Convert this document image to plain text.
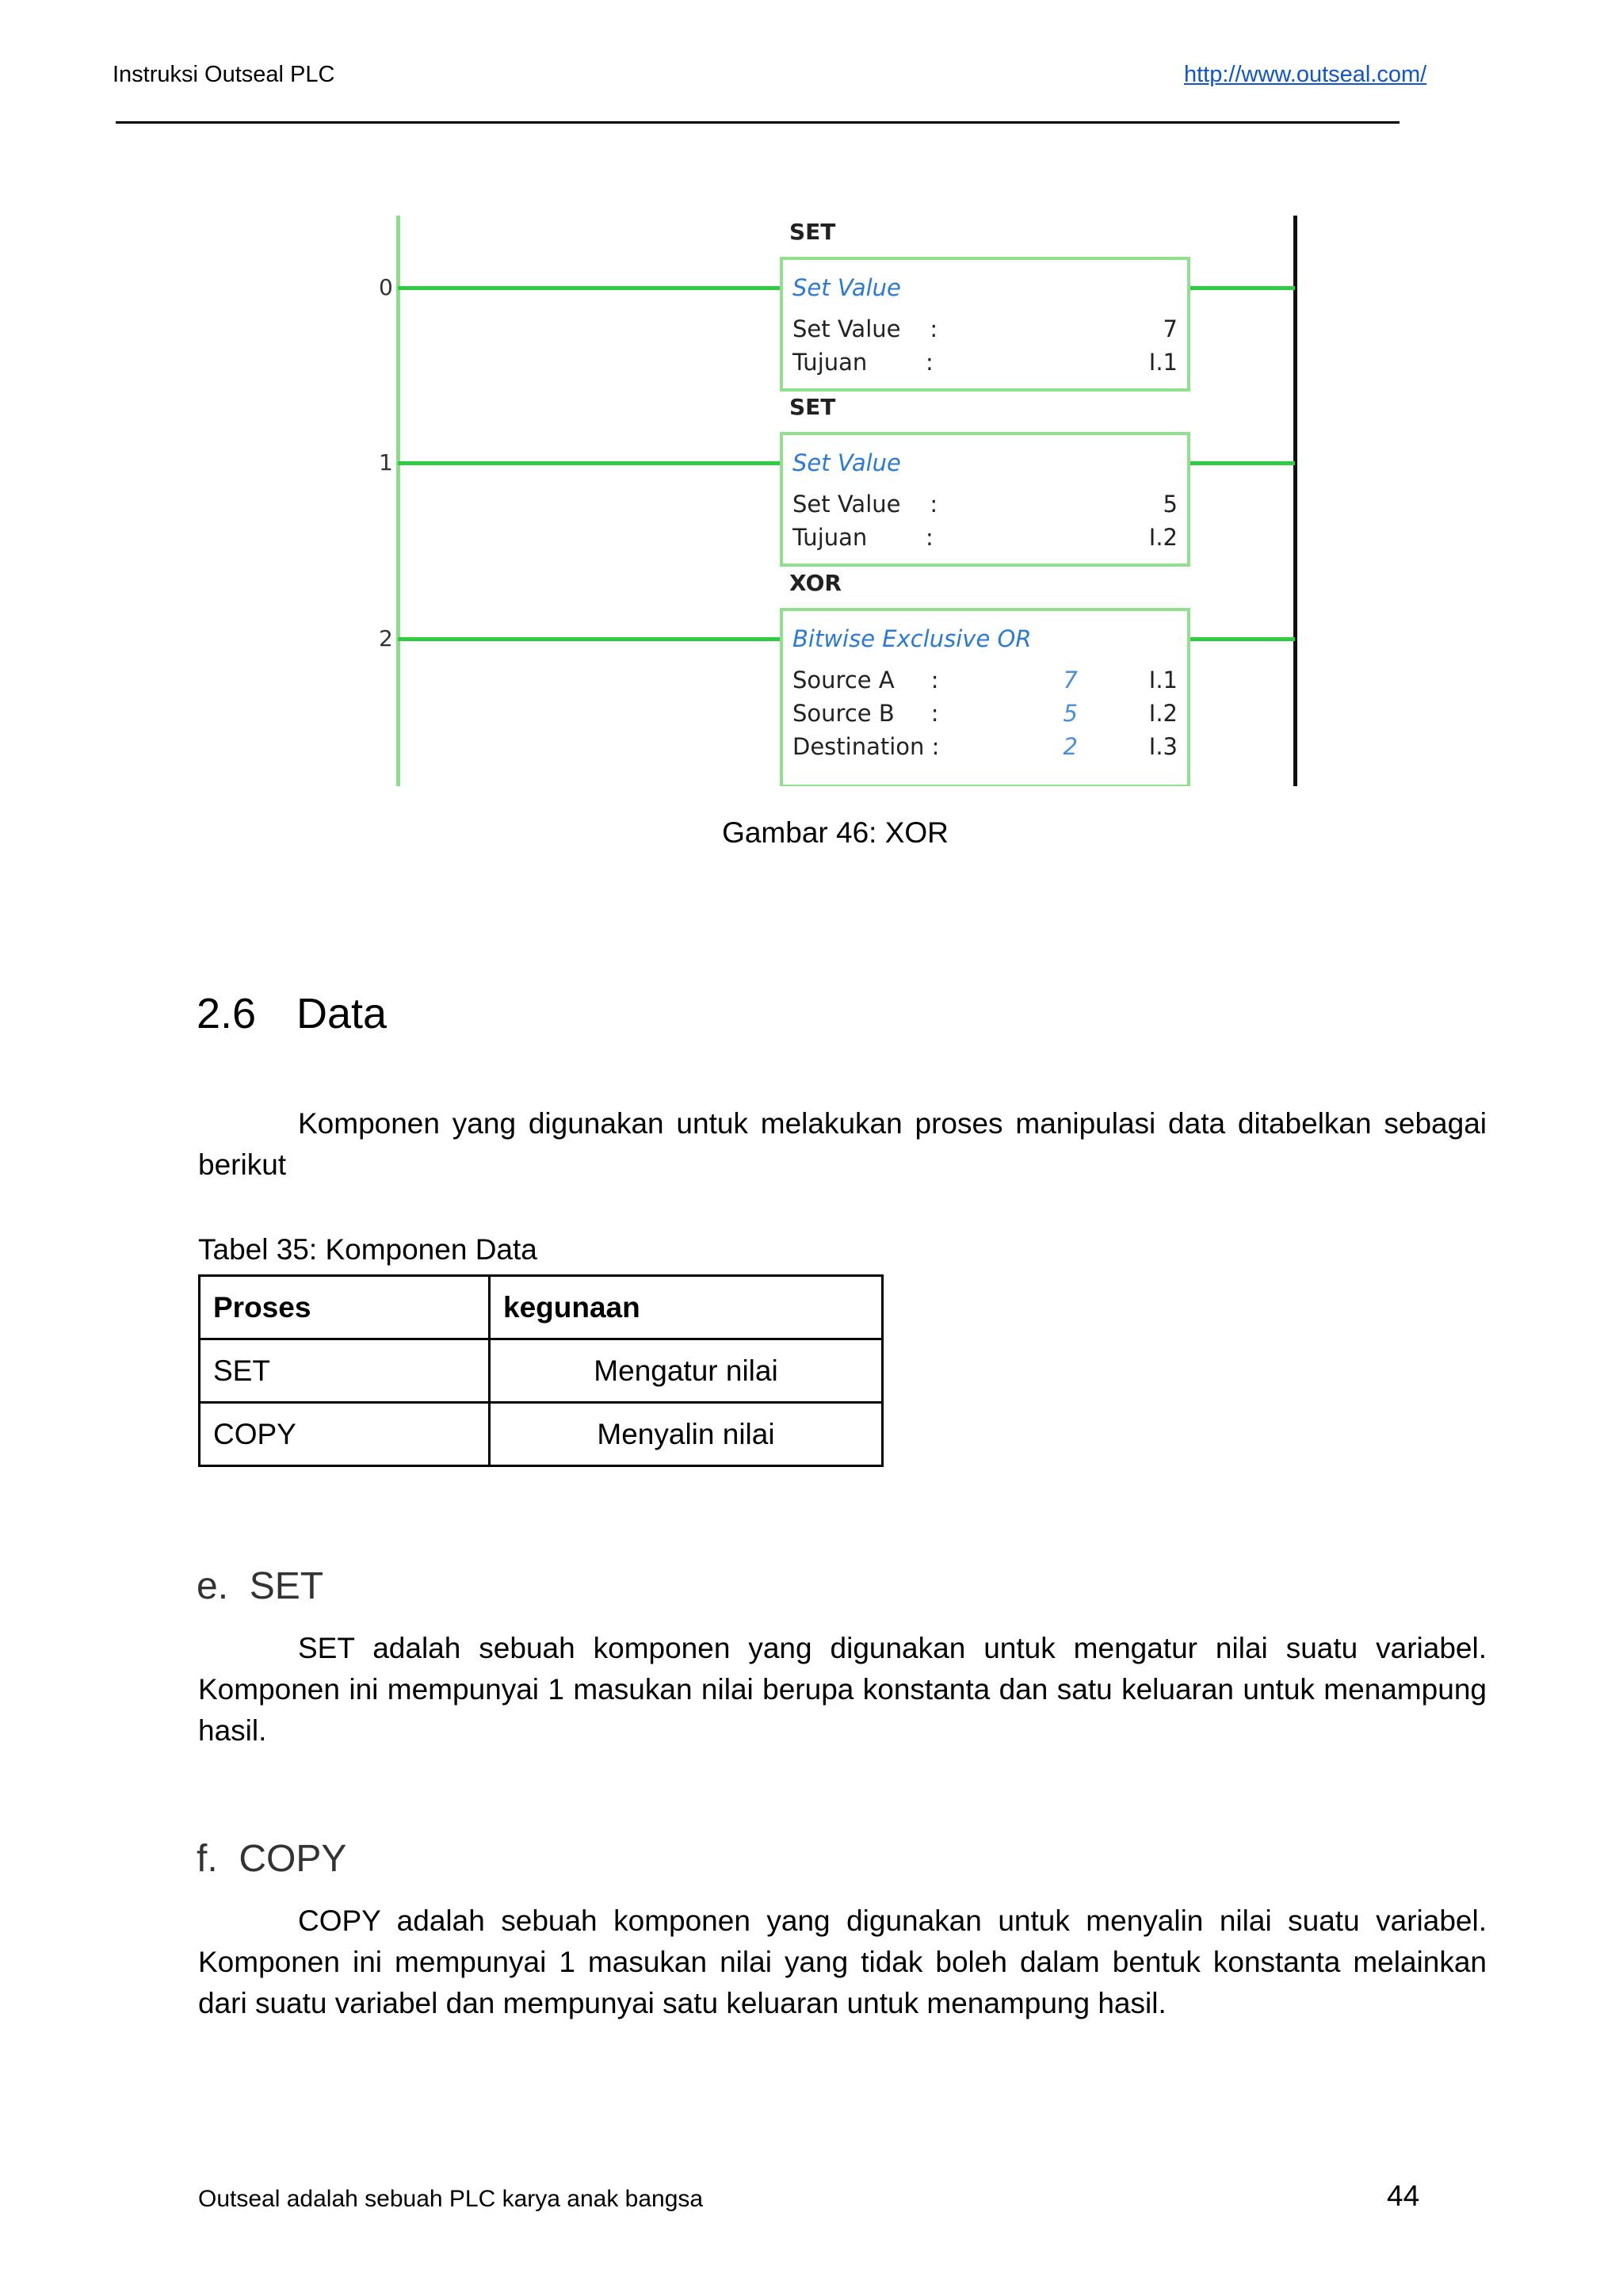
Instruksi Outseal PLC	http://www.outseal.com/
0
SET
Set Value
Set Value    :	7
Tujuan        :	I.1
1
SET
Set Value
Set Value    :	5
Tujuan        :	I.2
2
XOR
Bitwise Exclusive OR
Source A     :	7	I.1
Source B     :	5	I.2
Destination :	2	I.3
Gambar 46: XOR
2.6 Data
Komponen yang digunakan untuk melakukan proses manipulasi data ditabelkan sebagai berikut
Tabel 35: Komponen Data
Proses	kegunaan
SET	Mengatur nilai
COPY	Menyalin nilai
e.  SET
SET adalah sebuah komponen yang digunakan untuk mengatur nilai suatu variabel. Komponen ini mempunyai 1 masukan nilai berupa konstanta dan satu keluaran untuk menampung hasil.
f.  COPY
COPY adalah sebuah komponen yang digunakan untuk menyalin nilai suatu variabel. Komponen ini mempunyai 1 masukan nilai yang tidak boleh dalam bentuk konstanta melainkan dari suatu variabel dan mempunyai satu keluaran untuk menampung hasil.
Outseal adalah sebuah PLC karya anak bangsa	44
